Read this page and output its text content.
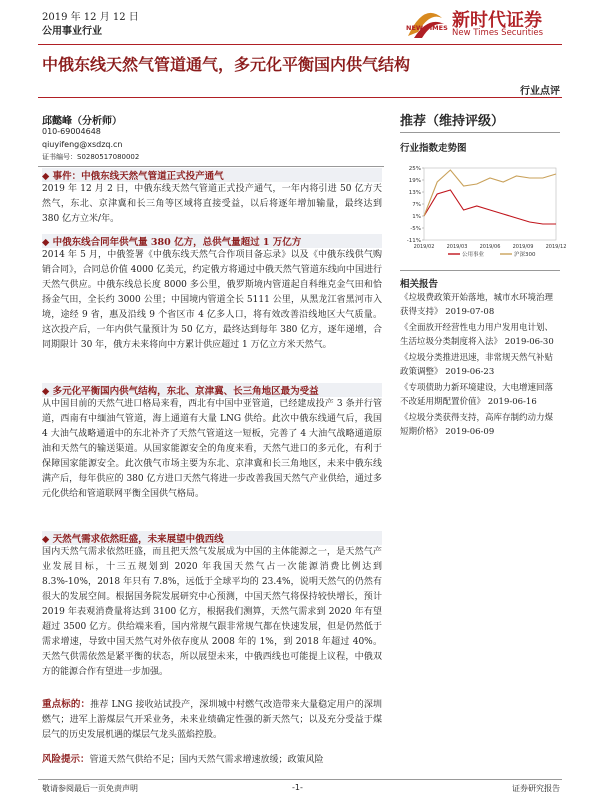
2019 年 12 月 12 日
公用事业行业	NEW TIMES 新时代证券
New Times Securities
中俄东线天然气管道通气，多元化平衡国内供气结构
行业点评
邱懿峰（分析师）
010-69004648
qiuyifeng@xsdzq.cn
证书编号：S0280517080002
推荐（维持评级）
行业指数走势图
25%
19%
13%
7%
1%
-5%
-11%
2019/02 2019/03 2019/06 2019/09 2019/12
公用事业	沪深300
相关报告
《垃圾费政策开始落地，城市水环境治理获得支持》 2019-07-08
《全面放开经营性电力用户发用电计划、生活垃圾分类制度将入法》 2019-06-30
《垃圾分类推进迅速，非常规天然气补贴政策调整》 2019-06-23
《专项债助力新环境建设，大电增速回落不改延用期配置价值》 2019-06-16
《垃圾分类获得支持，高库存制约动力煤短期价格》 2019-06-09
◆ 事件：中俄东线天然气管道正式投产通气
2019 年 12 月 2 日，中俄东线天然气管道正式投产通气，一年内将引进 50 亿方天然气，东北、京津冀和长三角等区域将直接受益，以后将逐年增加输量，最终达到 380 亿方立米/年。
◆ 中俄东线合同年供气量 380 亿方，总供气量超过 1 万亿方
2014 年 5 月，中俄签署《中俄东线天然气合作项目备忘录》以及《中俄东线供气购销合同》，合同总价值 4000 亿美元，约定俄方将通过中俄天然气管道东线向中国进行天然气供应。中俄东线总长度 8000 多公里，俄罗斯境内管道起自科维克金气田和恰扬金气田，全长约 3000 公里；中国境内管道全长 5111 公里，从黑龙江省黑河市入境，途经 9 省，惠及沿线 9 个省区市 4 亿多人口，将有效改善沿线地区大气质量。这次投产后，一年内供气量预计为 50 亿方，最终达到每年 380 亿方，逐年递增，合同期限计 30 年，俄方未来将向中方累计供应超过 1 万亿立方米天然气。
◆ 多元化平衡国内供气结构，东北、京津冀、长三角地区最为受益
从中国目前的天然气进口格局来看，西北有中国中亚管道，已经建成投产 3 条并行管道，西南有中缅油气管道，海上通道有大量 LNG 供给。此次中俄东线通气后，我国 4 大油气战略通道中的东北补齐了天然气管道这一短板，完善了 4 大油气战略通道原油和天然气的输送渠道。从国家能源安全的角度来看，天然气进口的多元化，有利于保障国家能源安全。此次俄气市场主要为东北、京津冀和长三角地区，未来中俄东线满产后，每年供应的 380 亿方进口天然气将进一步改善我国天然气产业供给，通过多元化供给和管道联网平衡全国供气格局。
◆ 天然气需求依然旺盛，未来展望中俄西线
国内天然气需求依然旺盛，而且把天然气发展成为中国的主体能源之一，是天然气产业发展目标，十三五规划到 2020 年我国天然气占一次能源消费比例达到 8.3%-10%，2018 年只有 7.8%，远低于全球平均的 23.4%，说明天然气的仍然有很大的发展空间。根据国务院发展研究中心预测，中国天然气将保持较快增长，预计 2019 年表观消费量将达到 3100 亿方，根据我们测算，天然气需求到 2020 年有望超过 3500 亿方。供给端来看，国内常规气跟非常规气都在快速发展，但是仍然低于需求增速，导致中国天然气对外依存度从 2008 年的 1%，到 2018 年超过 40%。天然气供需依然是紧平衡的状态，所以展望未来，中俄西线也可能提上议程，中俄双方的能源合作有望进一步加强。
重点标的：推荐 LNG 接收站试投产，深圳城中村燃气改造带来大量稳定用户的深圳燃气；进军上游煤层气开采业务，未来业绩确定性强的新天然气；以及充分受益于煤层气的历史发展机遇的煤层气龙头蓝焰控股。
风险提示：管道天然气供给不足；国内天然气需求增速放缓；政策风险
敬请参阅最后一页免责声明	-1-	证券研究报告
